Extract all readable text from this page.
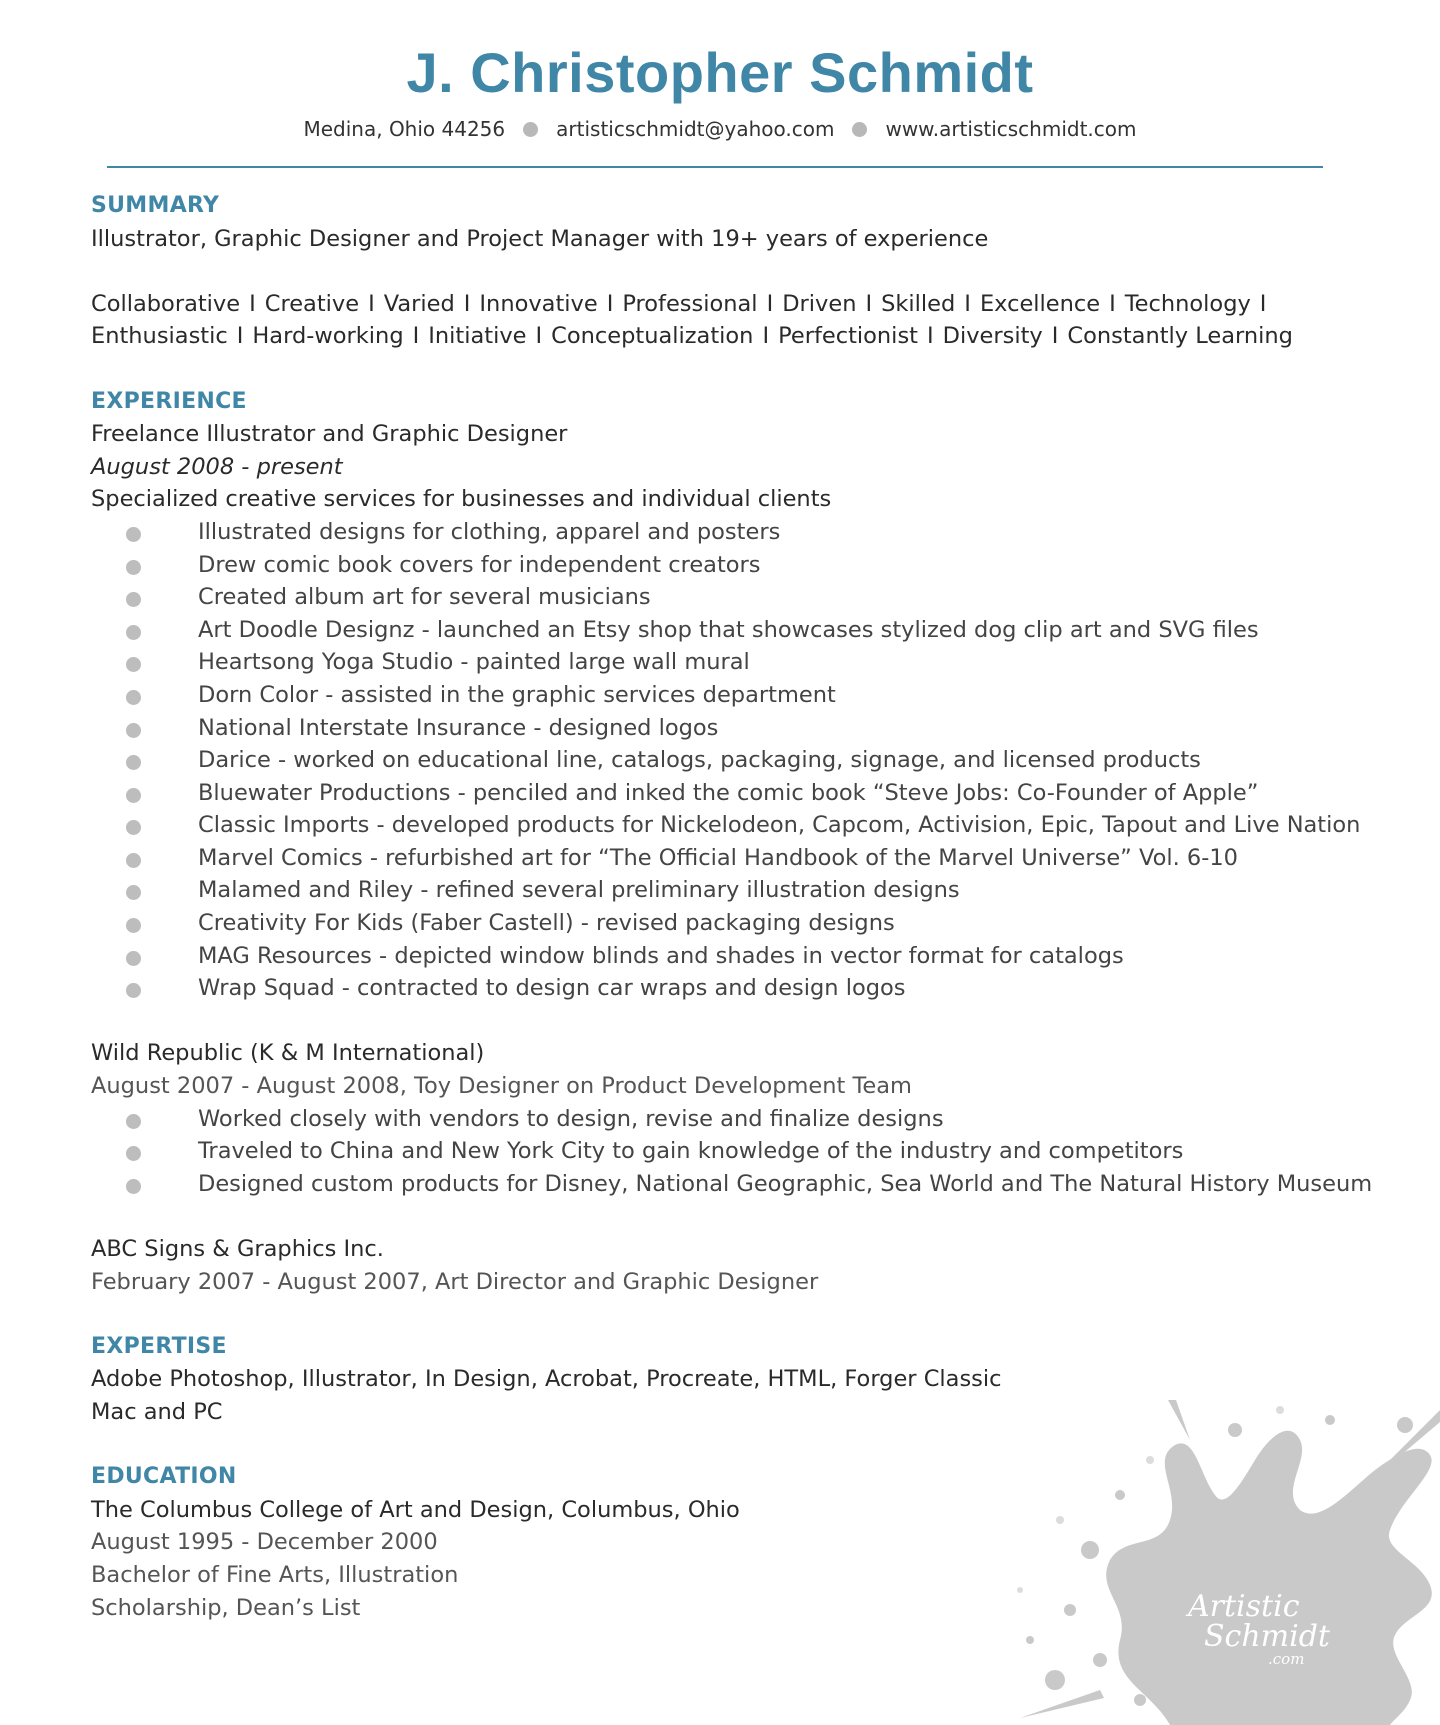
J. Christopher Schmidt
Medina, Ohio 44256	artisticschmidt@yahoo.com	www.artisticschmidt.com
SUMMARY
Illustrator, Graphic Designer and Project Manager with 19+ years of experience
Collaborative I Creative I Varied I Innovative I Professional I Driven I Skilled I Excellence I Technology I
Enthusiastic I Hard-working I Initiative I Conceptualization I Perfectionist I Diversity I Constantly Learning
EXPERIENCE
Freelance Illustrator and Graphic Designer
August 2008 - present
Specialized creative services for businesses and individual clients
Illustrated designs for clothing, apparel and posters
Drew comic book covers for independent creators
Created album art for several musicians
Art Doodle Designz - launched an Etsy shop that showcases stylized dog clip art and SVG files
Heartsong Yoga Studio - painted large wall mural
Dorn Color - assisted in the graphic services department
National Interstate Insurance - designed logos
Darice - worked on educational line, catalogs, packaging, signage, and licensed products
Bluewater Productions - penciled and inked the comic book “Steve Jobs: Co-Founder of Apple”
Classic Imports - developed products for Nickelodeon, Capcom, Activision, Epic, Tapout and Live Nation
Marvel Comics - refurbished art for “The Official Handbook of the Marvel Universe” Vol. 6-10
Malamed and Riley - refined several preliminary illustration designs
Creativity For Kids (Faber Castell) - revised packaging designs
MAG Resources - depicted window blinds and shades in vector format for catalogs
Wrap Squad - contracted to design car wraps and design logos
Wild Republic (K & M International)
August 2007 - August 2008, Toy Designer on Product Development Team
Worked closely with vendors to design, revise and finalize designs
Traveled to China and New York City to gain knowledge of the industry and competitors
Designed custom products for Disney, National Geographic, Sea World and The Natural History Museum
ABC Signs & Graphics Inc.
February 2007 - August 2007, Art Director and Graphic Designer
EXPERTISE
Adobe Photoshop, Illustrator, In Design, Acrobat, Procreate, HTML, Forger Classic
Mac and PC
EDUCATION
The Columbus College of Art and Design, Columbus, Ohio
August 1995 - December 2000
Bachelor of Fine Arts, Illustration
Scholarship, Dean’s List	Artistic
Schmidt
.com
